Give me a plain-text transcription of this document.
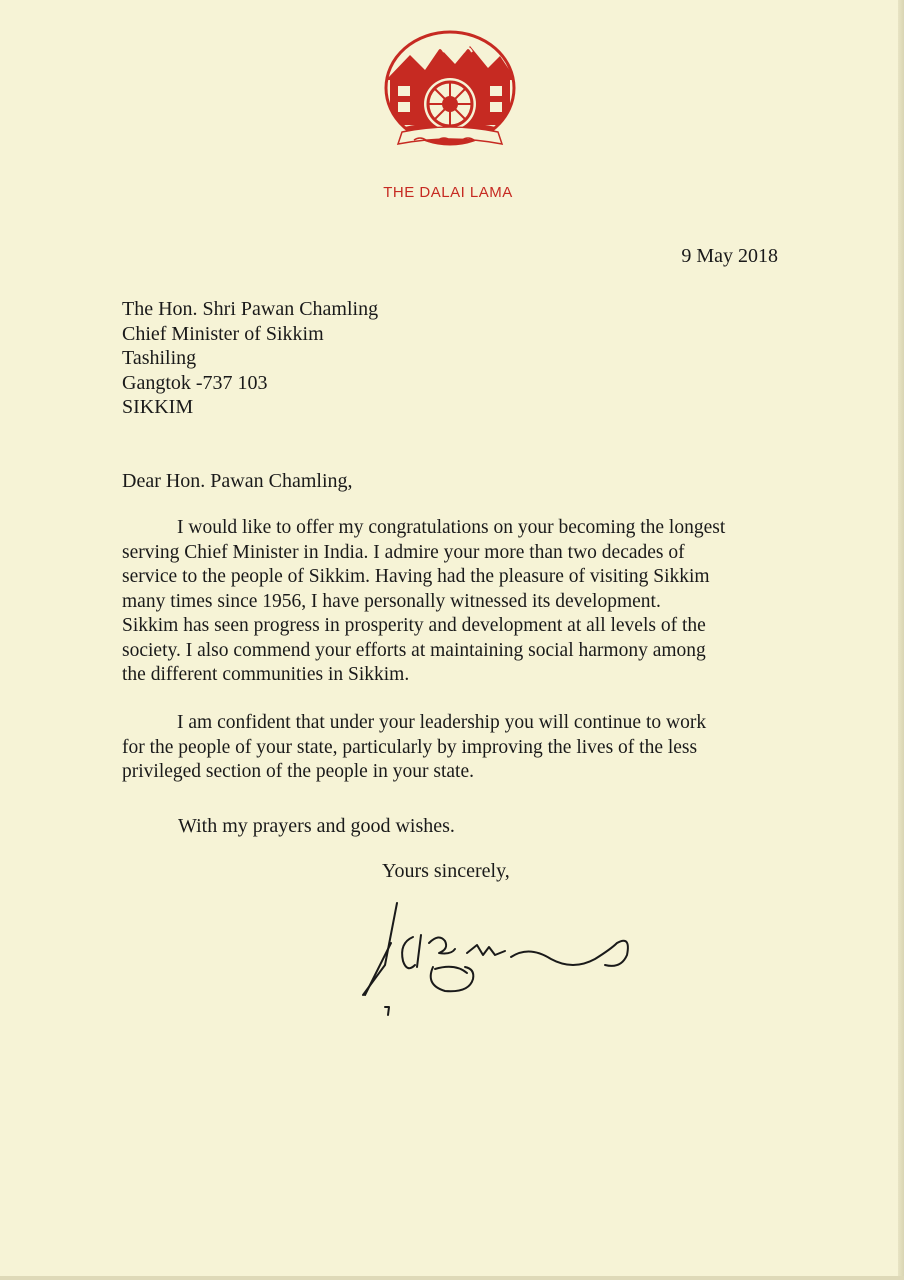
THE DALAI LAMA
9 May 2018
The Hon. Shri Pawan Chamling
Chief Minister of Sikkim
Tashiling
Gangtok -737 103
SIKKIM
Dear Hon. Pawan Chamling,
I would like to offer my congratulations on your becoming the longest
serving Chief Minister in India. I admire your more than two decades of
service to the people of Sikkim. Having had the pleasure of visiting Sikkim
many times since 1956, I have personally witnessed its development.
Sikkim has seen progress in prosperity and development at all levels of the
society. I also commend your efforts at maintaining social harmony among
the different communities in Sikkim.
I am confident that under your leadership you will continue to work
for the people of your state, particularly by improving the lives of the less
privileged section of the people in your state.
With my prayers and good wishes.
Yours sincerely,
